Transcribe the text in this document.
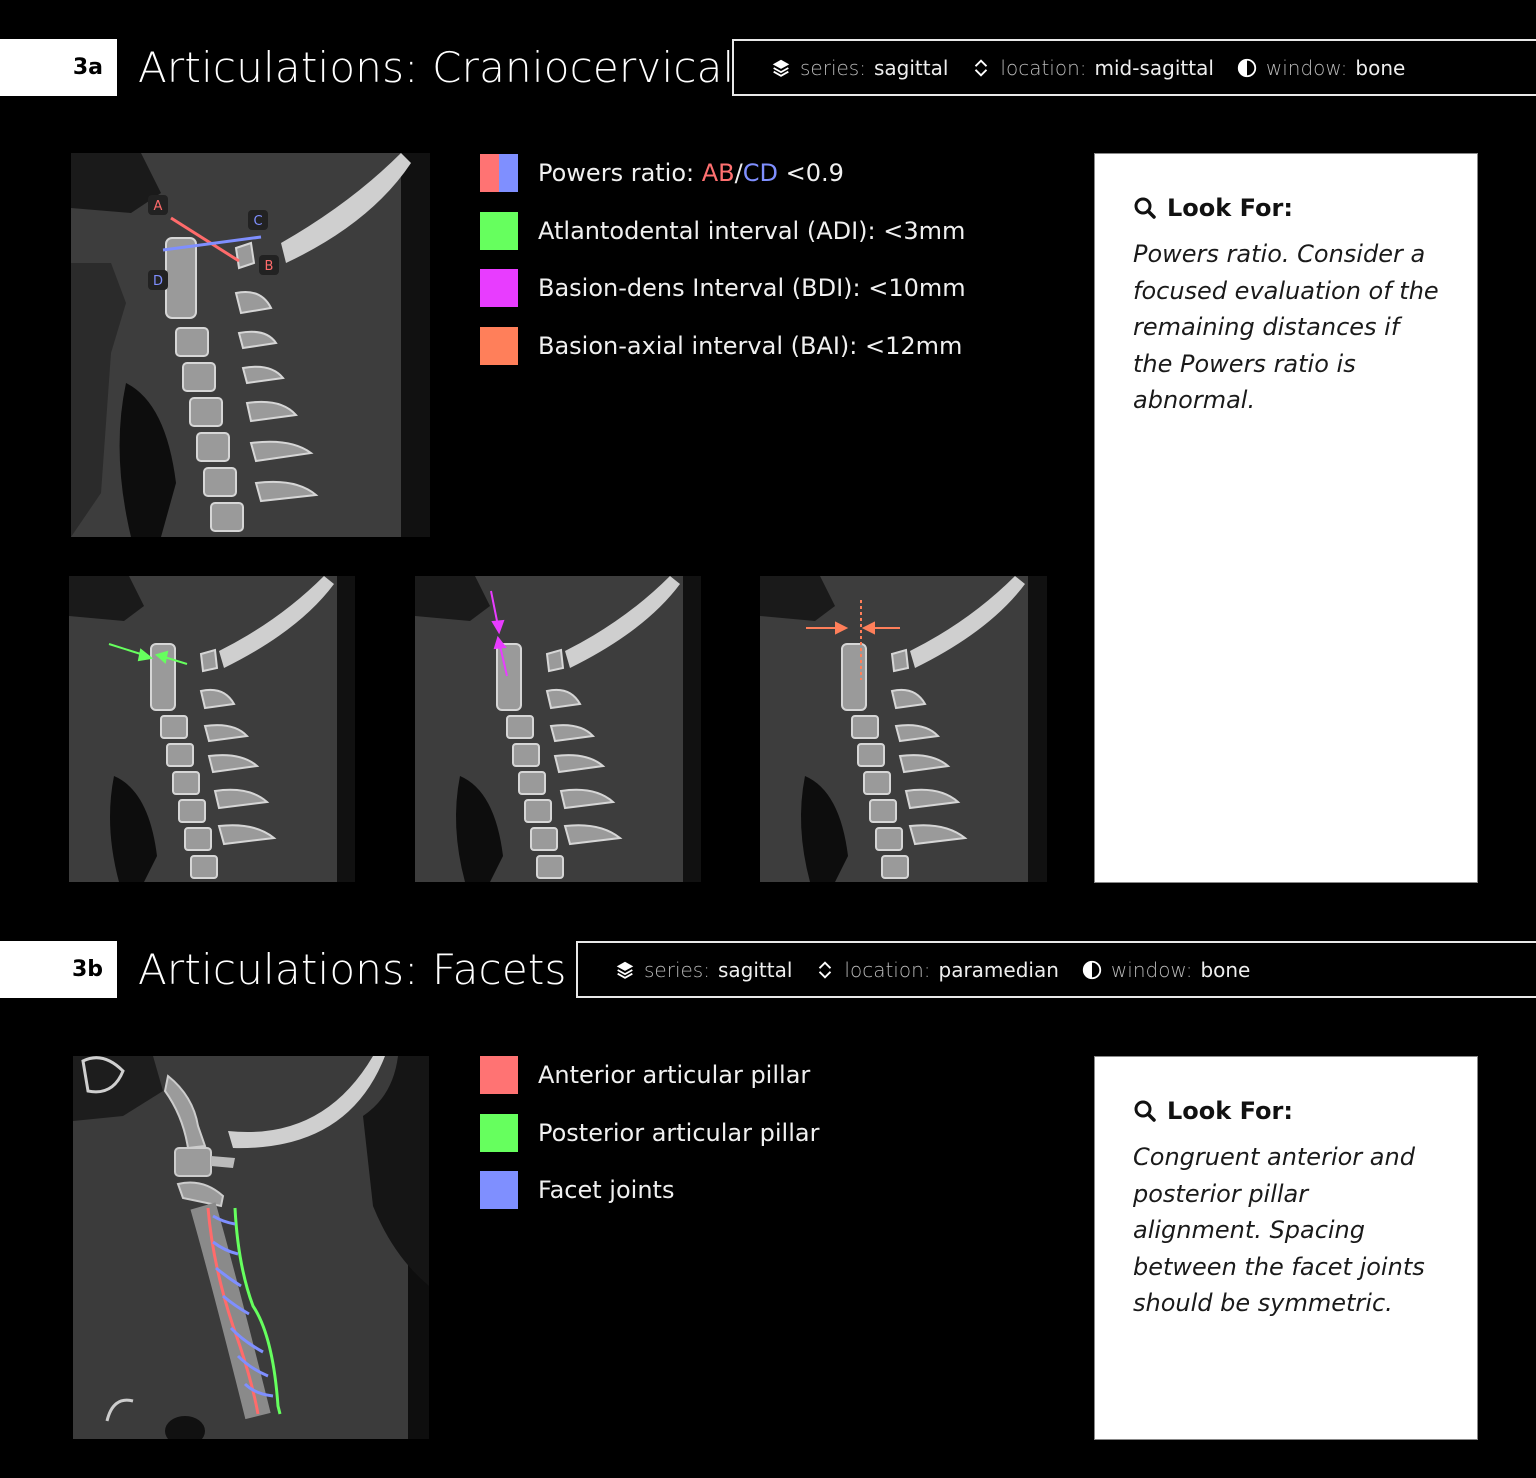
3a Articulations: Craniocervical	series: sagittal	location: mid-sagittal	window: bone
A
C
B
D
Powers ratio: AB/CD <0.9
Atlantodental interval (ADI): <3mm
Basion-dens Interval (BDI): <10mm
Basion-axial interval (BAI): <12mm
Look For:
Powers ratio. Consider a focused evaluation of the remaining distances if the Powers ratio is abnormal.
3b Articulations: Facets	series: sagittal	location: paramedian	window: bone
Anterior articular pillar
Posterior articular pillar
Facet joints
Look For:
Congruent anterior and posterior pillar alignment. Spacing between the facet joints should be symmetric.
